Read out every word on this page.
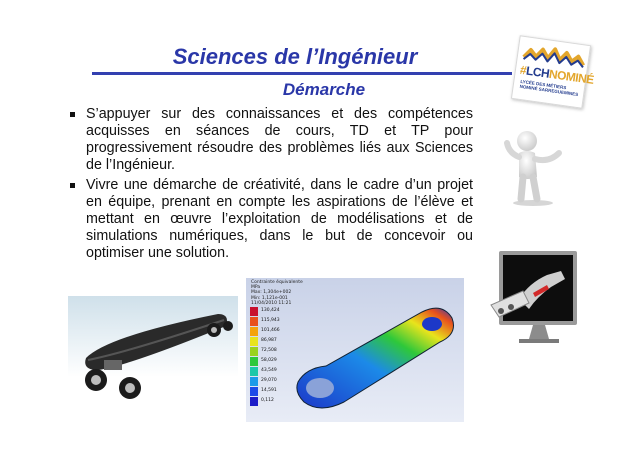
Sciences de l’Ingénieur
Démarche
S’appuyer sur des connaissances et des compétences acquisses en séances de cours, TD et TP pour progressivement résoudre des problèmes liés aux Sciences de l’Ingénieur.
Vivre une démarche de créativité, dans le cadre d’un projet en équipe, prenant en compte les aspirations de l’élève et mettant en œuvre l’exploitation de modélisations et de simulations numériques, dans le but de concevoir ou optimiser une solution.
#LCHNOMINÉ
LYCÉE DES MÉTIERS NOMINÉ SARREGUEMINES
Contrainte équivalente
MPa
Max: 1,304e+002
Min: 1,121e-001
11/04/2010 11:21
130,424
115,943
101,466
86,987
72,508
58,029
43,549
29,070
14,591
0,112
